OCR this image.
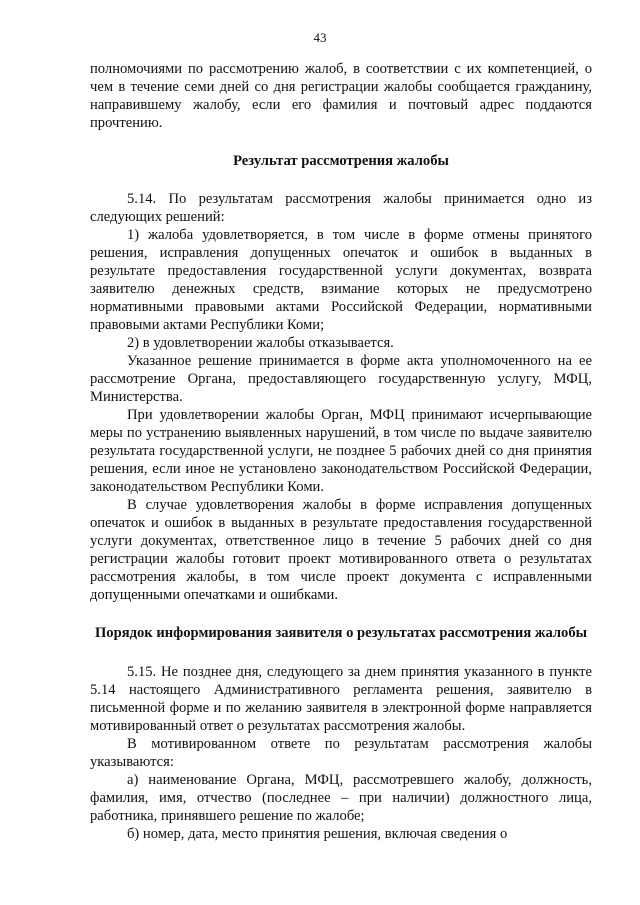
43

полномочиями по рассмотрению жалоб, в соответствии с их компетенцией, о чем в течение семи дней со дня регистрации жалобы сообщается гражданину, направившему жалобу, если его фамилия и почтовый адрес поддаются прочтению.

Результат рассмотрения жалобы

5.14. По результатам рассмотрения жалобы принимается одно из следующих решений:

1) жалоба удовлетворяется, в том числе в форме отмены принятого решения, исправления допущенных опечаток и ошибок в выданных в результате предоставления государственной услуги документах, возврата заявителю денежных средств, взимание которых не предусмотрено нормативными правовыми актами Российской Федерации, нормативными правовыми актами Республики Коми;

2) в удовлетворении жалобы отказывается.

Указанное решение принимается в форме акта уполномоченного на ее рассмотрение Органа, предоставляющего государственную услугу, МФЦ, Министерства.

При удовлетворении жалобы Орган, МФЦ принимают исчерпывающие меры по устранению выявленных нарушений, в том числе по выдаче заявителю результата государственной услуги, не позднее 5 рабочих дней со дня принятия решения, если иное не установлено законодательством Российской Федерации, законодательством Республики Коми.

В случае удовлетворения жалобы в форме исправления допущенных опечаток и ошибок в выданных в результате предоставления государственной услуги документах, ответственное лицо в течение 5 рабочих дней со дня регистрации жалобы готовит проект мотивированного ответа о результатах рассмотрения жалобы, в том числе проект документа с исправленными допущенными опечатками и ошибками.

Порядок информирования заявителя о результатах рассмотрения жалобы

5.15. Не позднее дня, следующего за днем принятия указанного в пункте 5.14 настоящего Административного регламента решения, заявителю в письменной форме и по желанию заявителя в электронной форме направляется мотивированный ответ о результатах рассмотрения жалобы.

В мотивированном ответе по результатам рассмотрения жалобы указываются:

а) наименование Органа, МФЦ, рассмотревшего жалобу, должность, фамилия, имя, отчество (последнее – при наличии) должностного лица, работника, принявшего решение по жалобе;

б) номер, дата, место принятия решения, включая сведения о
